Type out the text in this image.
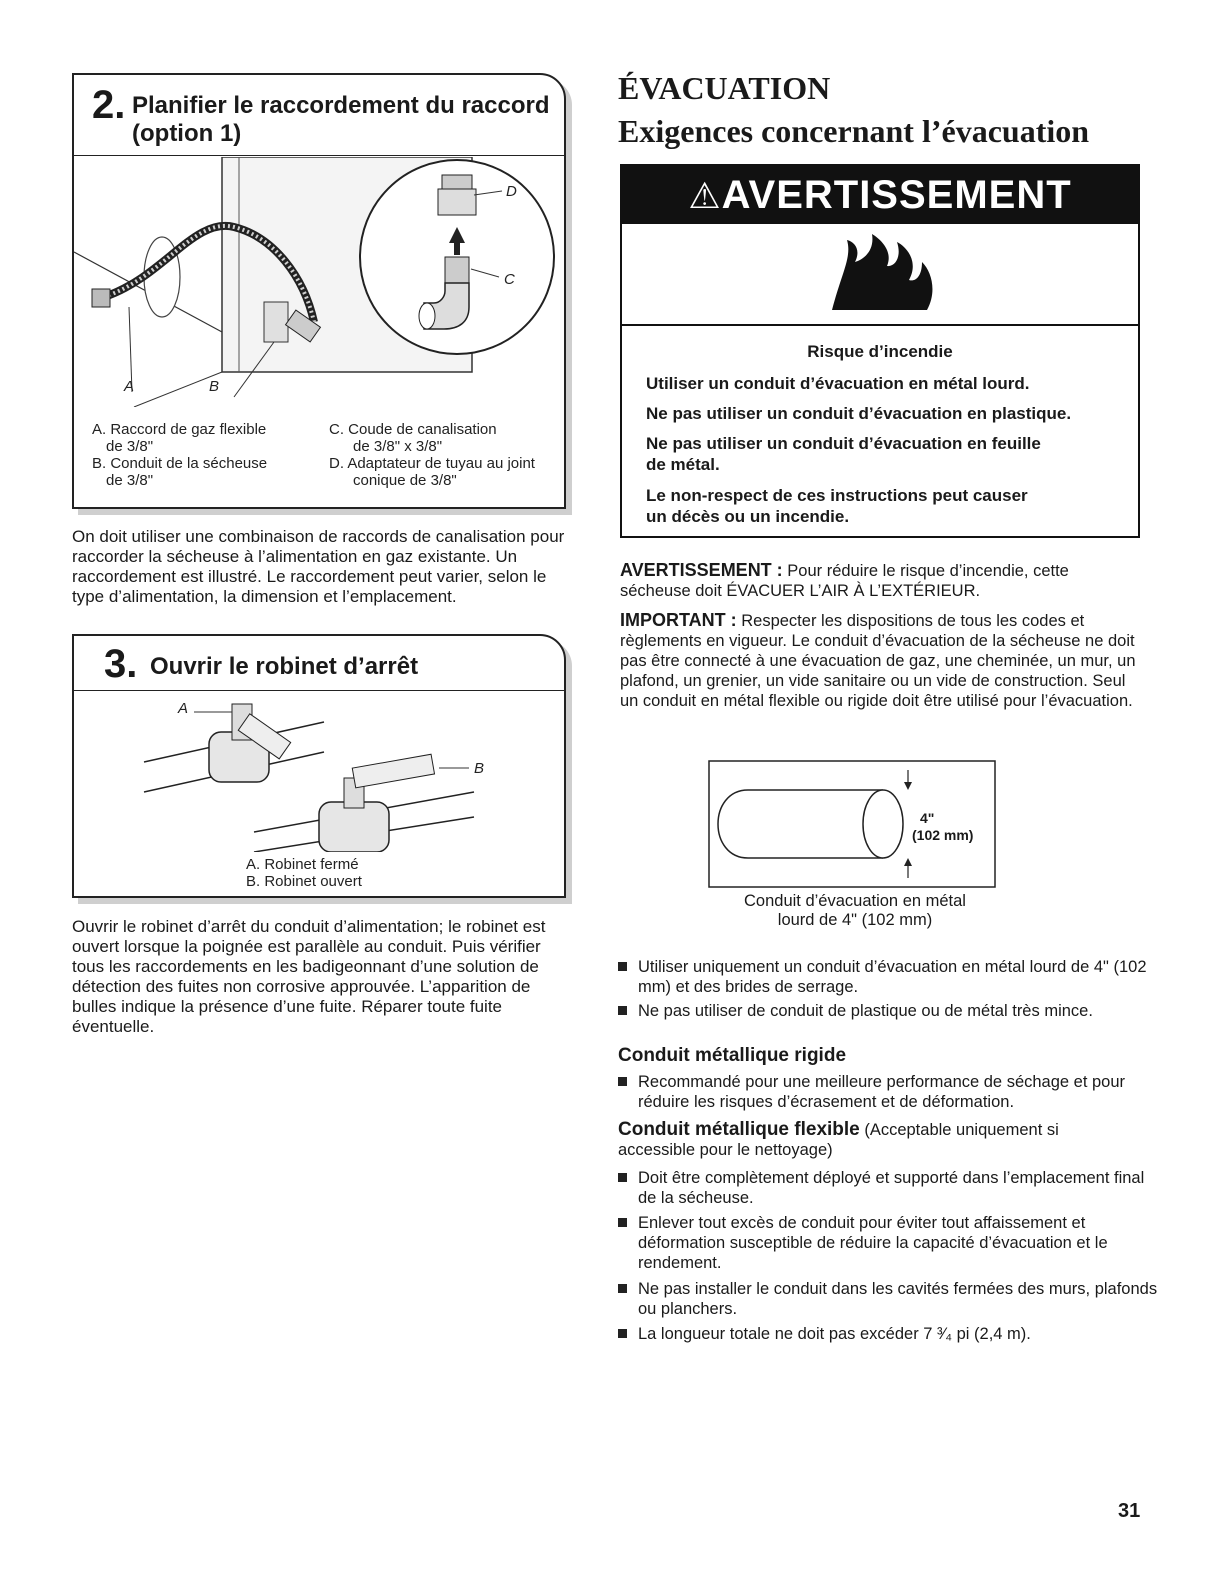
2. Planifier le raccordement du raccord
(option 1)
D
C
A	B
A. Raccord de gaz flexible
de 3/8"
B. Conduit de la sécheuse
de 3/8"
C. Coude de canalisation
de 3/8" x 3/8"
D. Adaptateur de tuyau au joint
conique de 3/8"
On doit utiliser une combinaison de raccords de canalisation pour raccorder la sécheuse à l’alimentation en gaz existante. Un raccordement est illustré. Le raccordement peut varier, selon le type d’alimentation, la dimension et l’emplacement.
3. Ouvrir le robinet d’arrêt
A
B
A. Robinet fermé
B. Robinet ouvert
Ouvrir le robinet d’arrêt du conduit d’alimentation; le robinet est ouvert lorsque la poignée est parallèle au conduit. Puis vérifier tous les raccordements en les badigeonnant d’une solution de détection des fuites non corrosive approuvée. L’apparition de bulles indique la présence d’une fuite. Réparer toute fuite éventuelle.
ÉVACUATION
Exigences concernant l’évacuation
⚠AVERTISSEMENT
Risque d’incendie
Utiliser un conduit d’évacuation en métal lourd.
Ne pas utiliser un conduit d’évacuation en plastique.
Ne pas utiliser un conduit d’évacuation en feuille
de métal.
Le non-respect de ces instructions peut causer
un décès ou un incendie.
AVERTISSEMENT : Pour réduire le risque d’incendie, cette sécheuse doit ÉVACUER L’AIR À L’EXTÉRIEUR.
IMPORTANT : Respecter les dispositions de tous les codes et règlements en vigueur. Le conduit d’évacuation de la sécheuse ne doit pas être connecté à une évacuation de gaz, une cheminée, un mur, un plafond, un grenier, un vide sanitaire ou un vide de construction. Seul un conduit en métal flexible ou rigide doit être utilisé pour l’évacuation.
4"
(102 mm)
Conduit d’évacuation en métal
lourd de 4" (102 mm)
Utiliser uniquement un conduit d’évacuation en métal lourd de 4" (102 mm) et des brides de serrage.
Ne pas utiliser de conduit de plastique ou de métal très mince.
Conduit métallique rigide
Recommandé pour une meilleure performance de séchage et pour réduire les risques d’écrasement et de déformation.
Conduit métallique flexible (Acceptable uniquement si accessible pour le nettoyage)
Doit être complètement déployé et supporté dans l’emplacement final de la sécheuse.
Enlever tout excès de conduit pour éviter tout affaissement et déformation susceptible de réduire la capacité d’évacuation et le rendement.
Ne pas installer le conduit dans les cavités fermées des murs, plafonds ou planchers.
La longueur totale ne doit pas excéder 7 ³⁄₄ pi (2,4 m).
31
